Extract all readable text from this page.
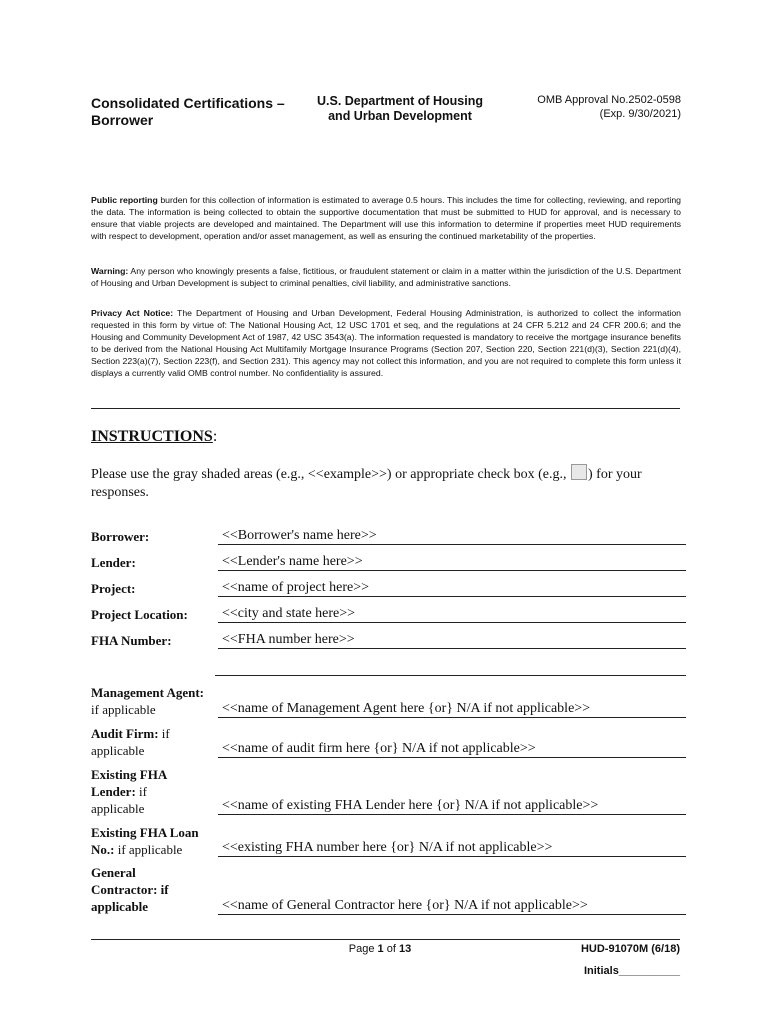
Consolidated Certifications – Borrower
U.S. Department of Housing
and Urban Development
OMB Approval No.2502-0598
(Exp. 9/30/2021)
Public reporting burden for this collection of information is estimated to average 0.5 hours. This includes the time for collecting, reviewing, and reporting the data. The information is being collected to obtain the supportive documentation that must be submitted to HUD for approval, and is necessary to ensure that viable projects are developed and maintained. The Department will use this information to determine if properties meet HUD requirements with respect to development, operation and/or asset management, as well as ensuring the continued marketability of the properties.
Warning: Any person who knowingly presents a false, fictitious, or fraudulent statement or claim in a matter within the jurisdiction of the U.S. Department of Housing and Urban Development is subject to criminal penalties, civil liability, and administrative sanctions.
Privacy Act Notice: The Department of Housing and Urban Development, Federal Housing Administration, is authorized to collect the information requested in this form by virtue of: The National Housing Act, 12 USC 1701 et seq, and the regulations at 24 CFR 5.212 and 24 CFR 200.6; and the Housing and Community Development Act of 1987, 42 USC 3543(a). The information requested is mandatory to receive the mortgage insurance benefits to be derived from the National Housing Act Multifamily Mortgage Insurance Programs (Section 207, Section 220, Section 221(d)(3), Section 221(d)(4), Section 223(a)(7), Section 223(f), and Section 231). This agency may not collect this information, and you are not required to complete this form unless it displays a currently valid OMB control number. No confidentiality is assured.
INSTRUCTIONS:
Please use the gray shaded areas (e.g., <<example>>) or appropriate check box (e.g., ) for your responses.
Borrower:	<<Borrower's name here>>
Lender:	<<Lender's name here>>
Project:	<<name of project here>>
Project Location:	<<city and state here>>
FHA Number:	<<FHA number here>>
Management Agent: if applicable	<<name of Management Agent here {or} N/A if not applicable>>
Audit Firm: if applicable	<<name of audit firm here {or} N/A if not applicable>>
Existing FHA Lender: if applicable	<<name of existing FHA Lender here {or} N/A if not applicable>>
Existing FHA Loan No.: if applicable	<<existing FHA number here {or} N/A if not applicable>>
General Contractor: if applicable	<<name of General Contractor here {or} N/A if not applicable>>
Page 1 of 13	HUD-91070M (6/18)
Initials__________
